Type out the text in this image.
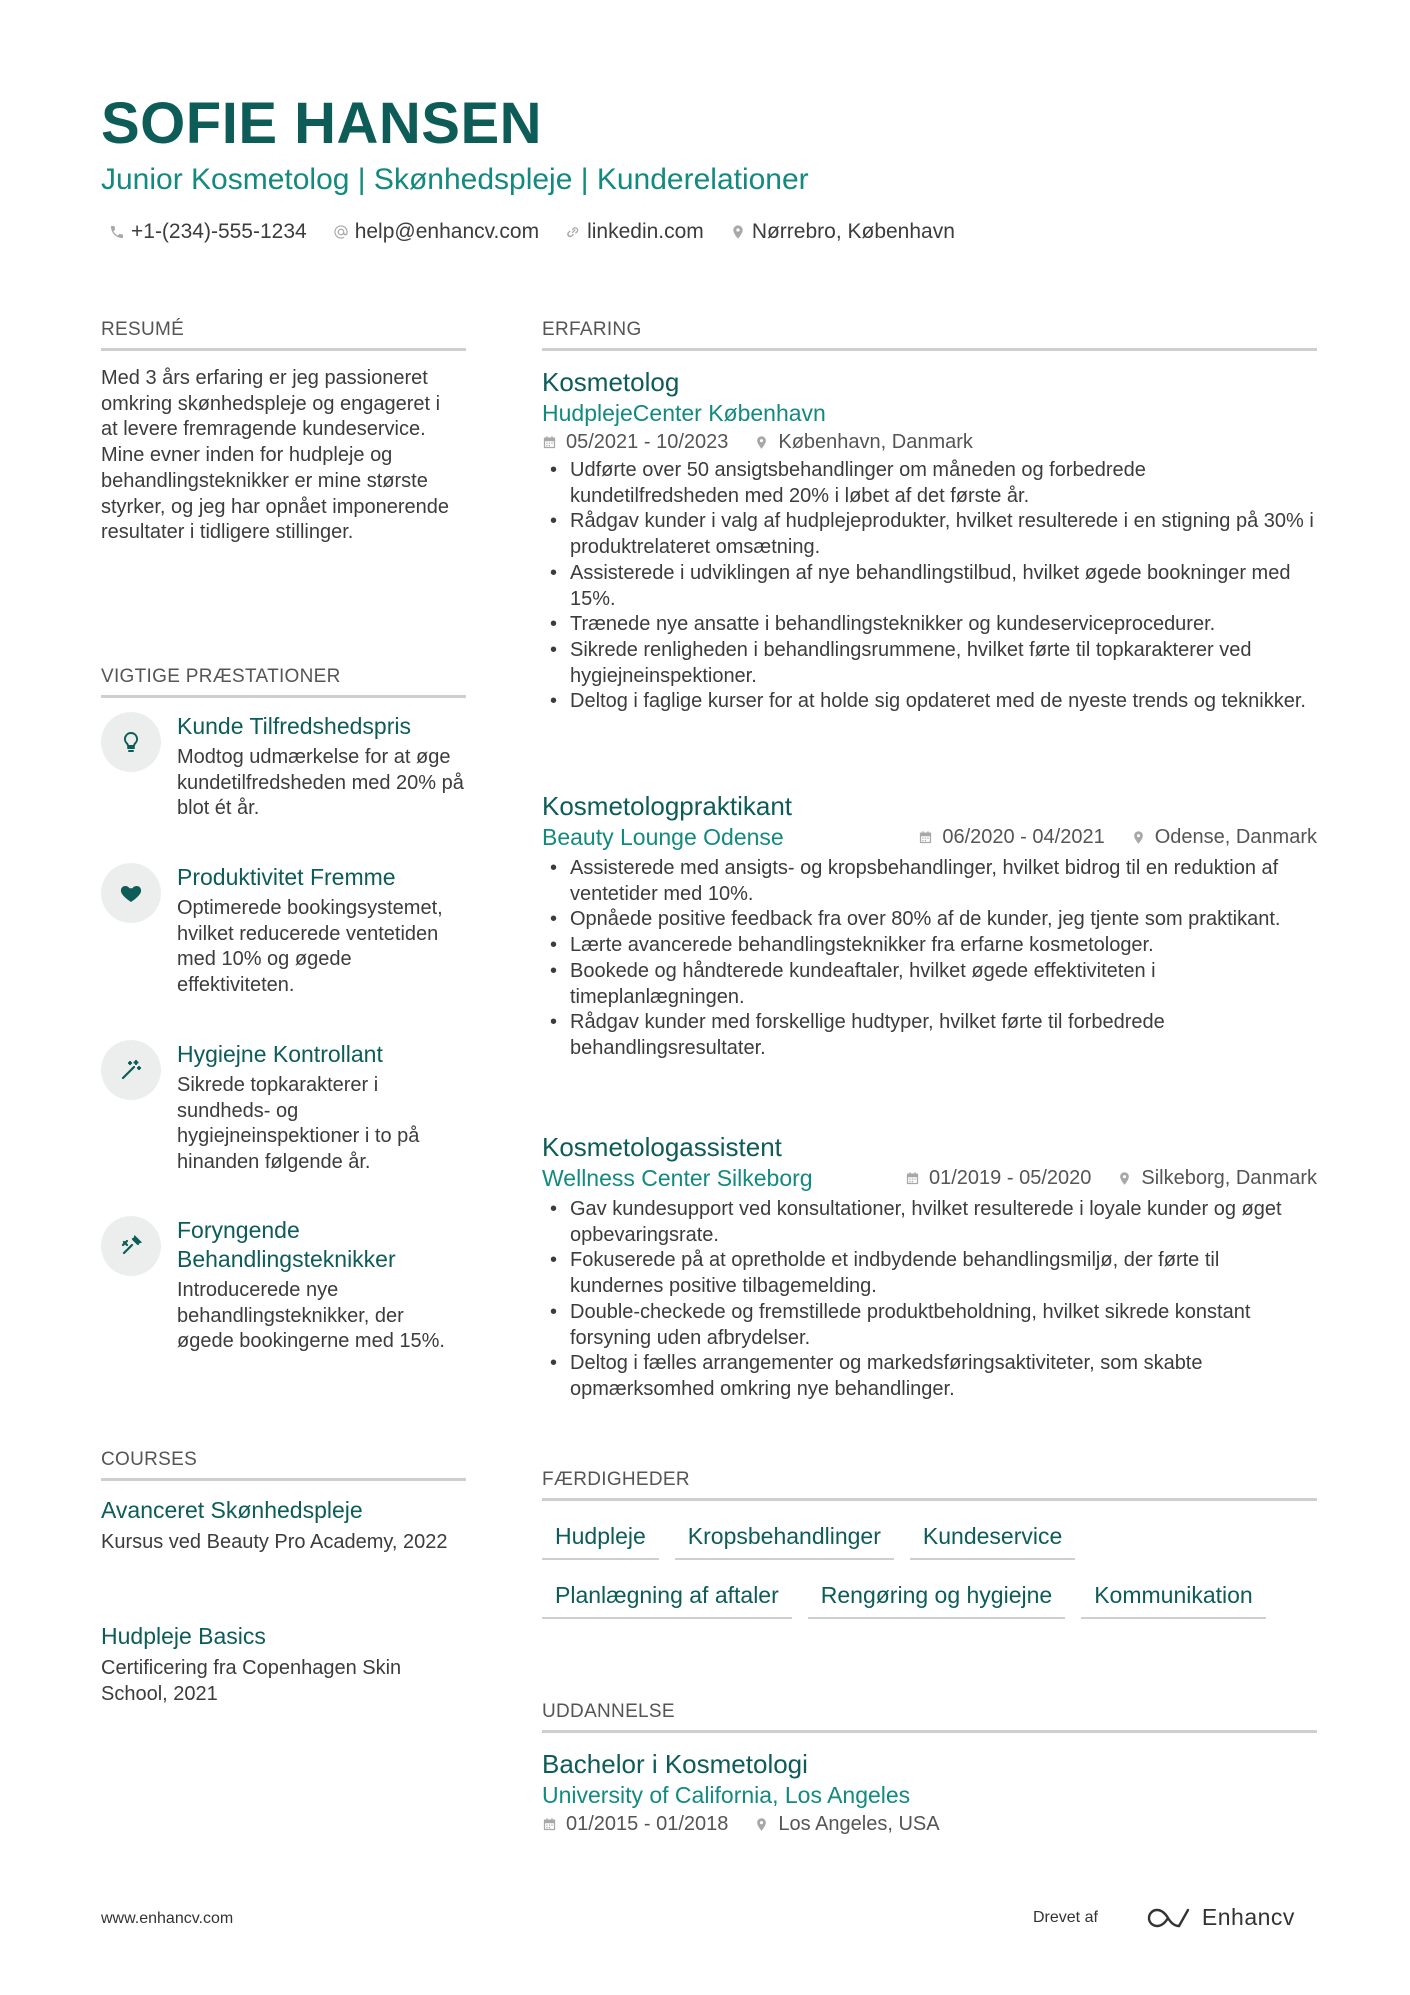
SOFIE HANSEN
Junior Kosmetolog | Skønhedspleje | Kunderelationer
+1-(234)-555-1234 help@enhancv.com linkedin.com Nørrebro, København
RESUMÉ
Med 3 års erfaring er jeg passioneret omkring skønhedspleje og engageret i at levere fremragende kundeservice. Mine evner inden for hudpleje og behandlingsteknikker er mine største styrker, og jeg har opnået imponerende resultater i tidligere stillinger.
VIGTIGE PRÆSTATIONER
Kunde Tilfredshedspris
Modtog udmærkelse for at øge kundetilfredsheden med 20% på blot ét år.
Produktivitet Fremme
Optimerede bookingsystemet, hvilket reducerede ventetiden med 10% og øgede effektiviteten.
Hygiejne Kontrollant
Sikrede topkarakterer i sundheds- og hygiejneinspektioner i to på hinanden følgende år.
Foryngende Behandlingsteknikker
Introducerede nye behandlingsteknikker, der øgede bookingerne med 15%.
COURSES
Avanceret Skønhedspleje
Kursus ved Beauty Pro Academy, 2022
Hudpleje Basics
Certificering fra Copenhagen Skin School, 2021
ERFARING
Kosmetolog
HudplejeCenter København
05/2021 - 10/2023	København, Danmark
• Udførte over 50 ansigtsbehandlinger om måneden og forbedrede kundetilfredsheden med 20% i løbet af det første år.
• Rådgav kunder i valg af hudplejeprodukter, hvilket resulterede i en stigning på 30% i produktrelateret omsætning.
• Assisterede i udviklingen af nye behandlingstilbud, hvilket øgede bookninger med 15%.
• Trænede nye ansatte i behandlingsteknikker og kundeserviceprocedurer.
• Sikrede renligheden i behandlingsrummene, hvilket førte til topkarakterer ved hygiejneinspektioner.
• Deltog i faglige kurser for at holde sig opdateret med de nyeste trends og teknikker.
Kosmetologpraktikant
Beauty Lounge Odense	06/2020 - 04/2021	Odense, Danmark
• Assisterede med ansigts- og kropsbehandlinger, hvilket bidrog til en reduktion af ventetider med 10%.
• Opnåede positive feedback fra over 80% af de kunder, jeg tjente som praktikant.
• Lærte avancerede behandlingsteknikker fra erfarne kosmetologer.
• Bookede og håndterede kundeaftaler, hvilket øgede effektiviteten i timeplanlægningen.
• Rådgav kunder med forskellige hudtyper, hvilket førte til forbedrede behandlingsresultater.
Kosmetologassistent
Wellness Center Silkeborg	01/2019 - 05/2020	Silkeborg, Danmark
• Gav kundesupport ved konsultationer, hvilket resulterede i loyale kunder og øget opbevaringsrate.
• Fokuserede på at opretholde et indbydende behandlingsmiljø, der førte til kundernes positive tilbagemelding.
• Double-checkede og fremstillede produktbeholdning, hvilket sikrede konstant forsyning uden afbrydelser.
• Deltog i fælles arrangementer og markedsføringsaktiviteter, som skabte opmærksomhed omkring nye behandlinger.
FÆRDIGHEDER
Hudpleje	Kropsbehandlinger	Kundeservice
Planlægning af aftaler	Rengøring og hygiejne	Kommunikation
UDDANNELSE
Bachelor i Kosmetologi
University of California, Los Angeles
01/2015 - 01/2018	Los Angeles, USA
www.enhancv.com	Drevet af	Enhancv
